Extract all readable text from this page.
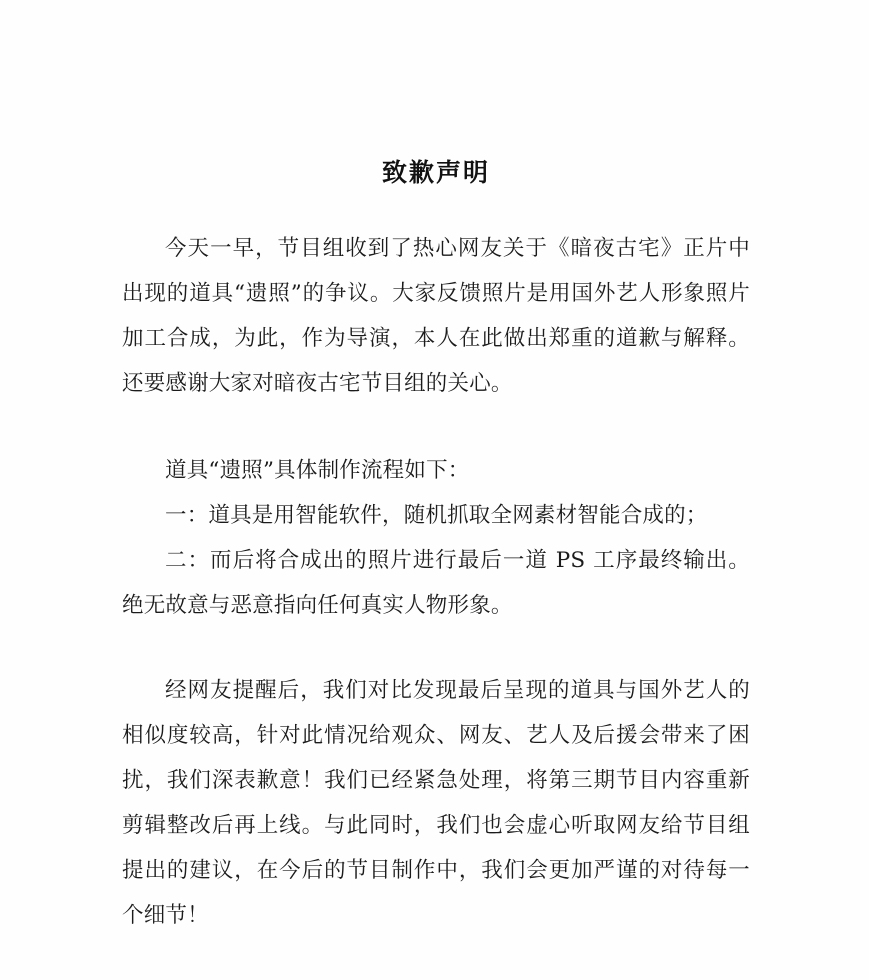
致歉声明

今天一早，节目组收到了热心网友关于《暗夜古宅》正片中出现的道具“遗照”的争议。大家反馈照片是用国外艺人形象照片加工合成，为此，作为导演，本人在此做出郑重的道歉与解释。还要感谢大家对暗夜古宅节目组的关心。

道具“遗照”具体制作流程如下：

一：道具是用智能软件，随机抓取全网素材智能合成的；

二：而后将合成出的照片进行最后一道 PS 工序最终输出。绝无故意与恶意指向任何真实人物形象。

经网友提醒后，我们对比发现最后呈现的道具与国外艺人的相似度较高，针对此情况给观众、网友、艺人及后援会带来了困扰，我们深表歉意！我们已经紧急处理，将第三期节目内容重新剪辑整改后再上线。与此同时，我们也会虚心听取网友给节目组提出的建议，在今后的节目制作中，我们会更加严谨的对待每一个细节！
